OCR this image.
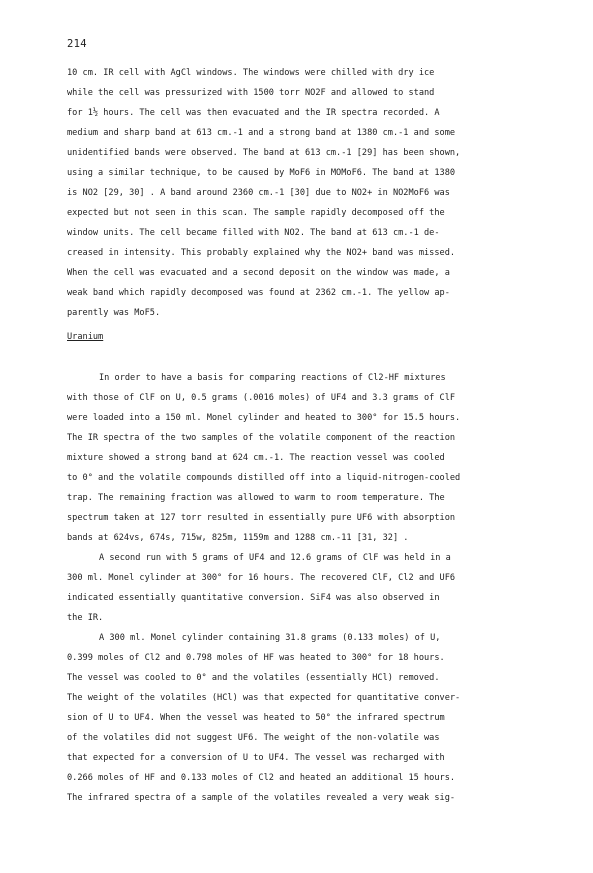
214
10 cm. IR cell with AgCl windows. The windows were chilled with dry ice
while the cell was pressurized with 1500 torr NO2F and allowed to stand
for 1½ hours. The cell was then evacuated and the IR spectra recorded. A
medium and sharp band at 613 cm.-1 and a strong band at 1380 cm.-1 and some
unidentified bands were observed. The band at 613 cm.-1 [29] has been shown,
using a similar technique, to be caused by MoF6 in MOMoF6. The band at 1380
is NO2 [29, 30] . A band around 2360 cm.-1 [30] due to NO2+ in NO2MoF6 was
expected but not seen in this scan. The sample rapidly decomposed off the
window units. The cell became filled with NO2. The band at 613 cm.-1 de-
creased in intensity. This probably explained why the NO2+ band was missed.
When the cell was evacuated and a second deposit on the window was made, a
weak band which rapidly decomposed was found at 2362 cm.-1. The yellow ap-
parently was MoF5.
Uranium
In order to have a basis for comparing reactions of Cl2-HF mixtures
with those of ClF on U, 0.5 grams (.0016 moles) of UF4 and 3.3 grams of ClF
were loaded into a 150 ml. Monel cylinder and heated to 300° for 15.5 hours.
The IR spectra of the two samples of the volatile component of the reaction
mixture showed a strong band at 624 cm.-1. The reaction vessel was cooled
to 0° and the volatile compounds distilled off into a liquid-nitrogen-cooled
trap. The remaining fraction was allowed to warm to room temperature. The
spectrum taken at 127 torr resulted in essentially pure UF6 with absorption
bands at 624vs, 674s, 715w, 825m, 1159m and 1288 cm.-11 [31, 32] .
A second run with 5 grams of UF4 and 12.6 grams of ClF was held in a
300 ml. Monel cylinder at 300° for 16 hours. The recovered ClF, Cl2 and UF6
indicated essentially quantitative conversion. SiF4 was also observed in
the IR.
A 300 ml. Monel cylinder containing 31.8 grams (0.133 moles) of U,
0.399 moles of Cl2 and 0.798 moles of HF was heated to 300° for 18 hours.
The vessel was cooled to 0° and the volatiles (essentially HCl) removed.
The weight of the volatiles (HCl) was that expected for quantitative conver-
sion of U to UF4. When the vessel was heated to 50° the infrared spectrum
of the volatiles did not suggest UF6. The weight of the non-volatile was
that expected for a conversion of U to UF4. The vessel was recharged with
0.266 moles of HF and 0.133 moles of Cl2 and heated an additional 15 hours.
The infrared spectra of a sample of the volatiles revealed a very weak sig-
